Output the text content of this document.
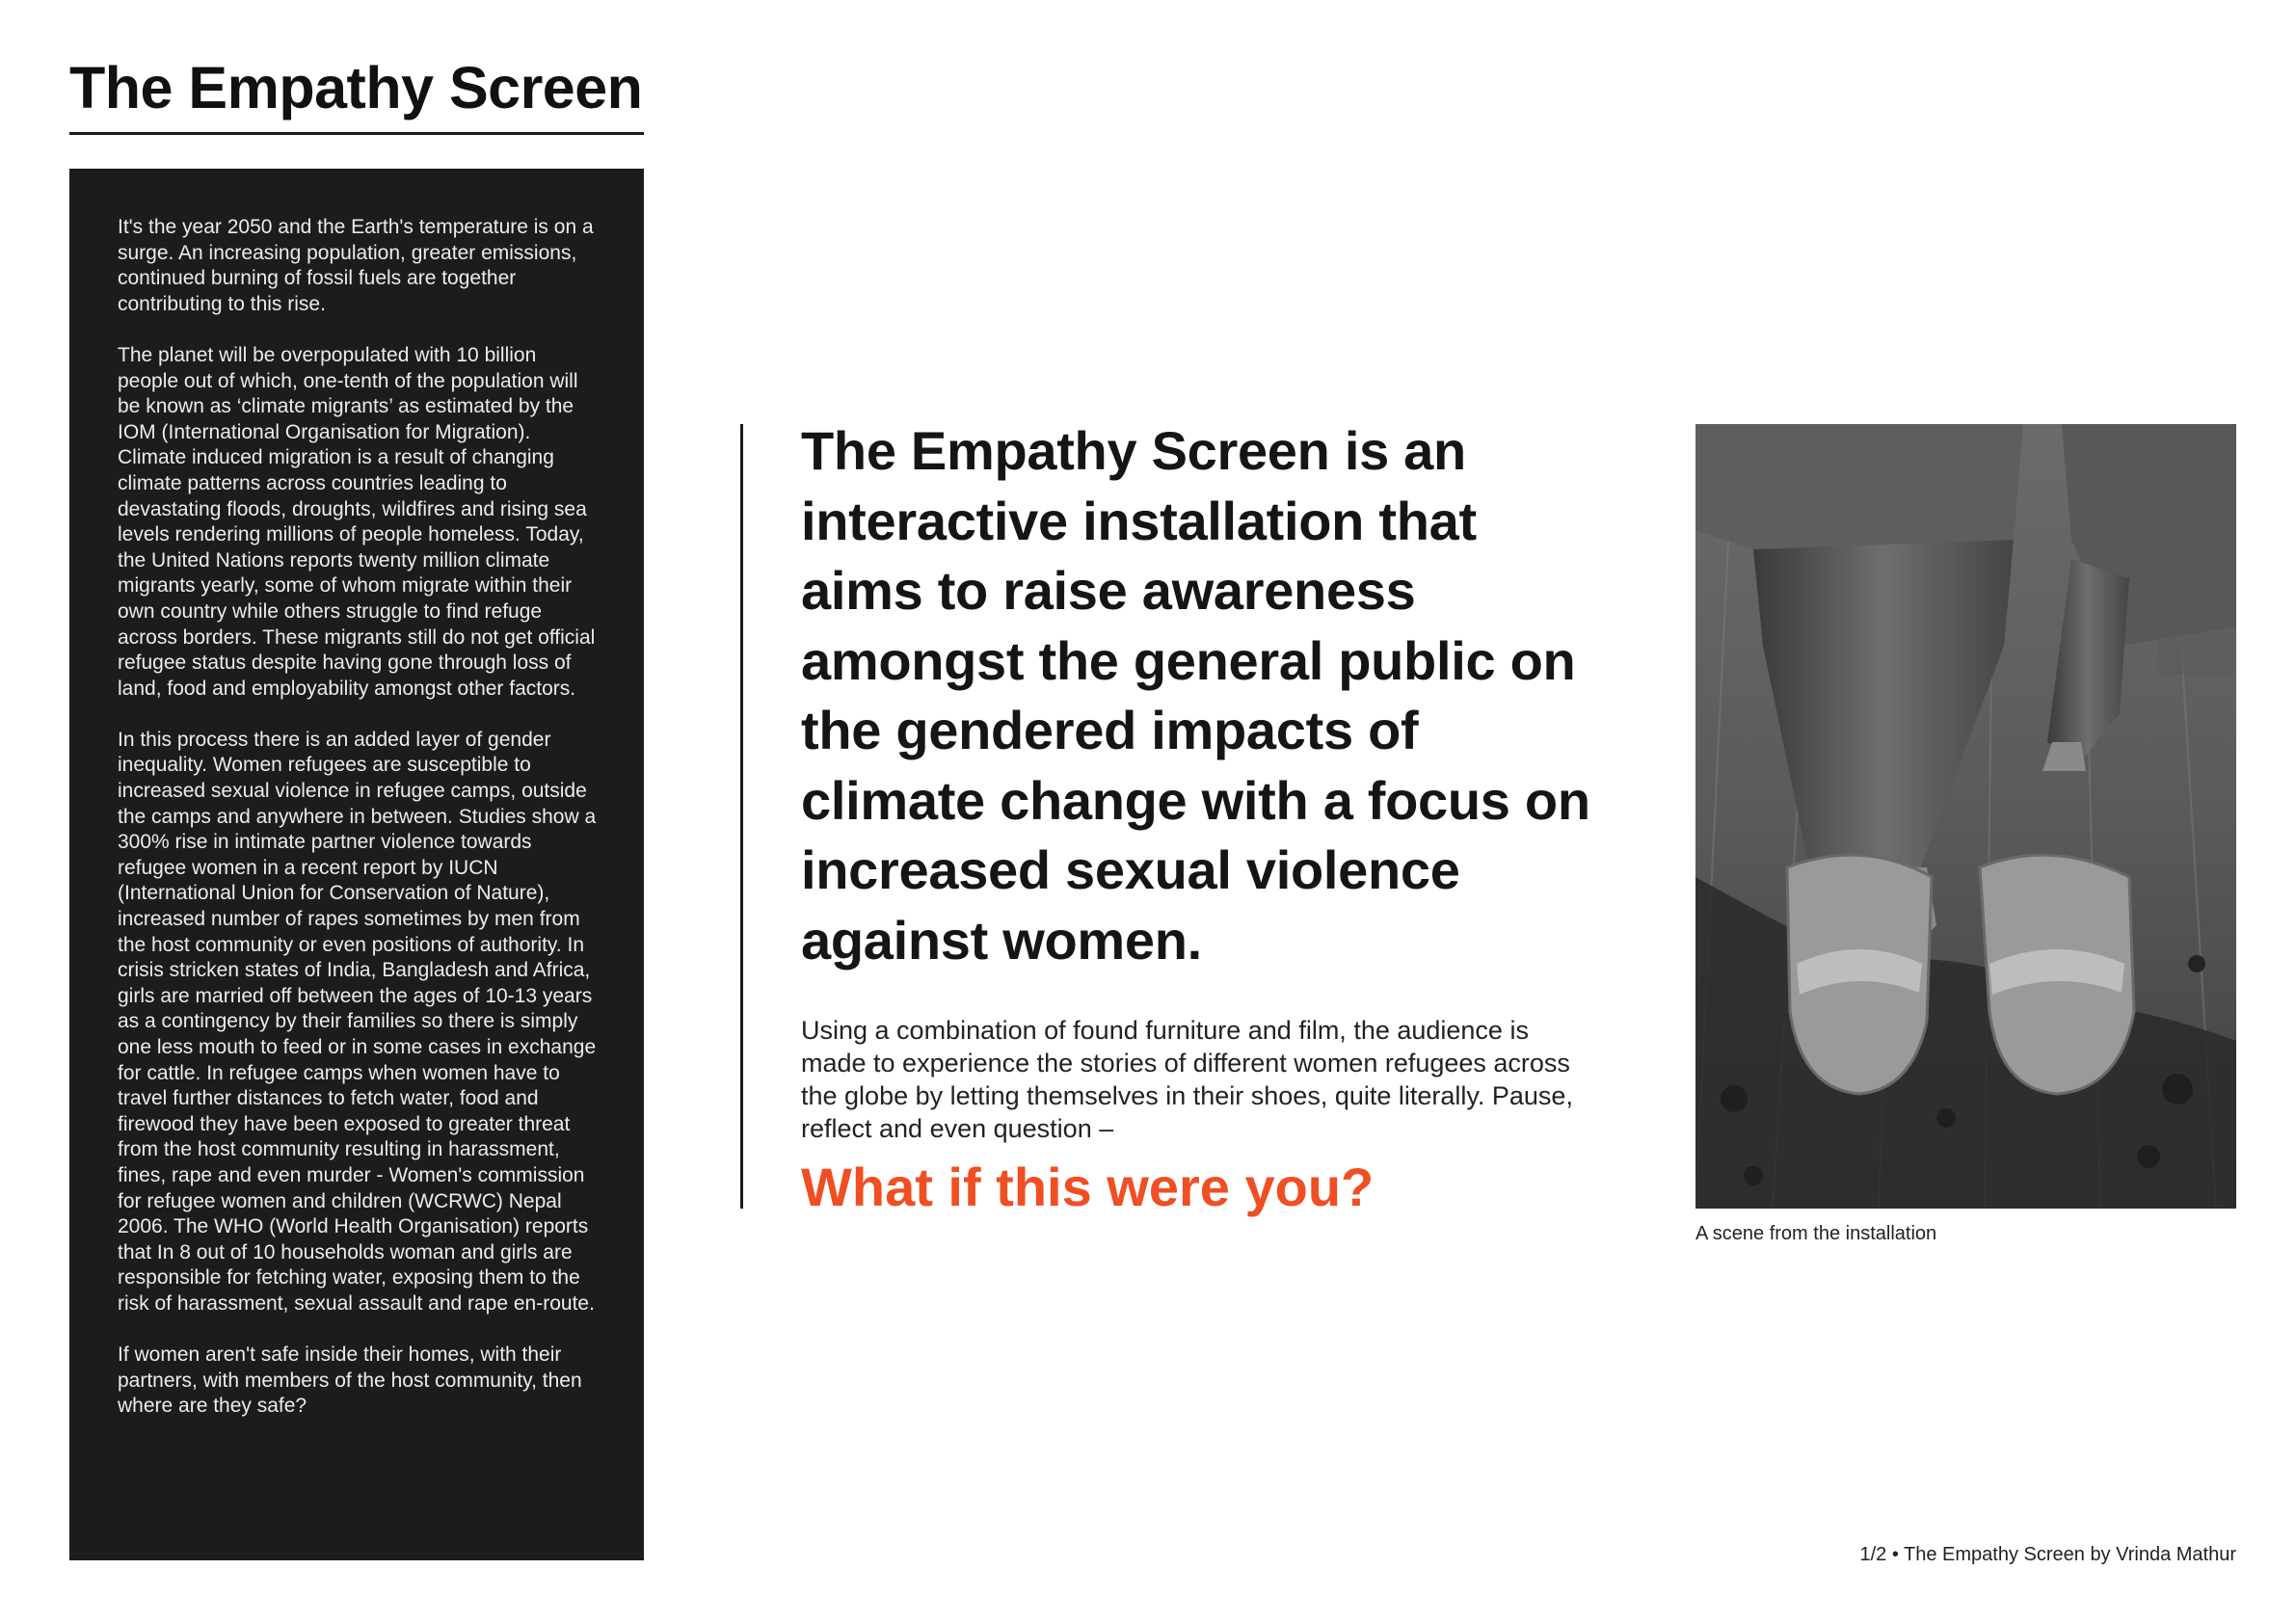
The Empathy Screen

It's the year 2050 and the Earth's temperature is on a surge. An increasing population, greater emissions, continued burning of fossil fuels are together contributing to this rise.

The planet will be overpopulated with 10 billion people out of which, one-tenth of the population will be known as ‘climate migrants’ as estimated by the IOM (International Organisation for Migration). Climate induced migration is a result of changing climate patterns across countries leading to devastating floods, droughts, wildfires and rising sea levels rendering millions of people homeless. Today, the United Nations reports twenty million climate migrants yearly, some of whom migrate within their own country while others struggle to find refuge across borders. These migrants still do not get official refugee status despite having gone through loss of land, food and employability amongst other factors.

In this process there is an added layer of gender inequality. Women refugees are susceptible to increased sexual violence in refugee camps, outside the camps and anywhere in between. Studies show a 300% rise in intimate partner violence towards refugee women in a recent report by IUCN (International Union for Conservation of Nature), increased number of rapes sometimes by men from the host community or even positions of authority. In crisis stricken states of India, Bangladesh and Africa, girls are married off between the ages of 10-13 years as a contingency by their families so there is simply one less mouth to feed or in some cases in exchange for cattle. In refugee camps when women have to travel further distances to fetch water, food and firewood they have been exposed to greater threat from the host community resulting in harassment, fines, rape and even murder - Women's commission for refugee women and children (WCRWC) Nepal 2006. The WHO (World Health Organisation) reports that In 8 out of 10 households woman and girls are responsible for fetching water, exposing them to the risk of harassment, sexual assault and rape en-route.

If women aren't safe inside their homes, with their partners, with members of the host community, then where are they safe?

The Empathy Screen is an interactive installation that aims to raise awareness amongst the general public on the gendered impacts of climate change with a focus on increased sexual violence against women.

Using a combination of found furniture and film, the audience is made to experience the stories of different women refugees across the globe by letting themselves in their shoes, quite literally. Pause, reflect and even question –

What if this were you?

A scene from the installation

1/2 • The Empathy Screen by Vrinda Mathur
